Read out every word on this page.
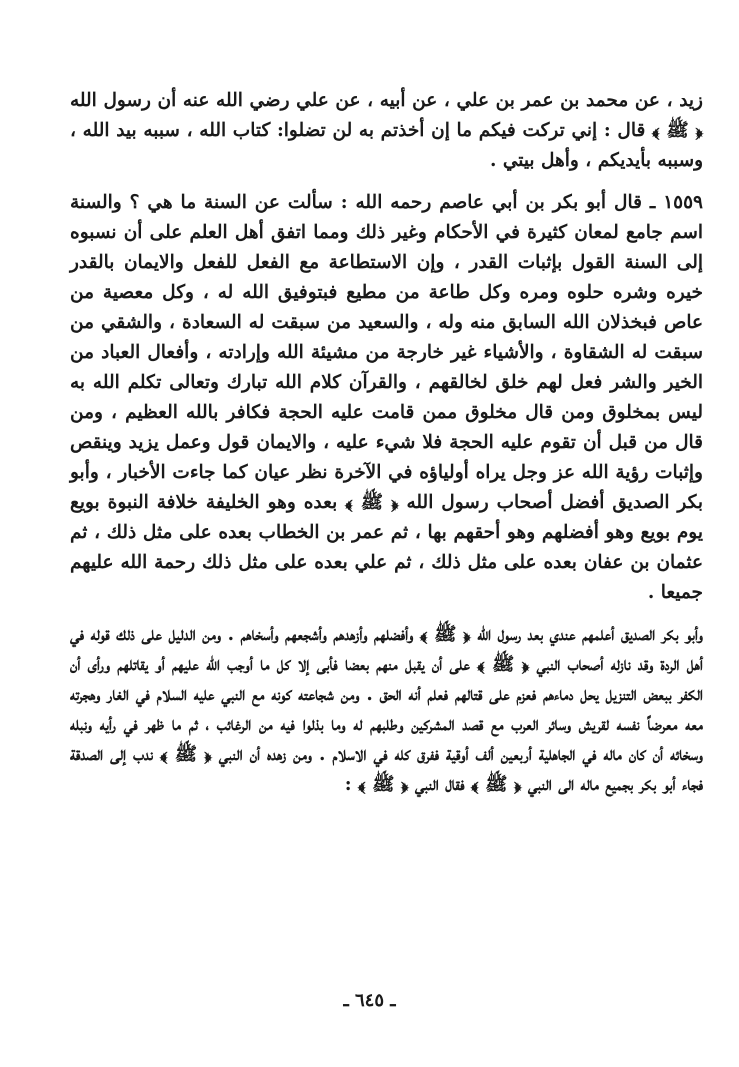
زيد ، عن محمد بن عمر بن علي ، عن أبيه ، عن علي رضي الله عنه أن رسول الله ﴿ ﷺ ﴾ قال : إني تركت فيكم ما إن أخذتم به لن تضلوا: كتاب الله ، سببه بيد الله ، وسببه بأيديكم ، وأهل بيتي .

١٥٥٩ ـ قال أبو بكر بن أبي عاصم رحمه الله : سألت عن السنة ما هي ؟ والسنة اسم جامع لمعان كثيرة في الأحكام وغير ذلك ومما اتفق أهل العلم على أن نسبوه إلى السنة القول بإثبات القدر ، وإن الاستطاعة مع الفعل للفعل والايمان بالقدر خيره وشره حلوه ومره وكل طاعة من مطيع فبتوفيق الله له ، وكل معصية من عاص فبخذلان الله السابق منه وله ، والسعيد من سبقت له السعادة ، والشقي من سبقت له الشقاوة ، والأشياء غير خارجة من مشيئة الله وإرادته ، وأفعال العباد من الخير والشر فعل لهم خلق لخالقهم ، والقرآن كلام الله تبارك وتعالى تكلم الله به ليس بمخلوق ومن قال مخلوق ممن قامت عليه الحجة فكافر بالله العظيم ، ومن قال من قبل أن تقوم عليه الحجة فلا شيء عليه ، والايمان قول وعمل يزيد وينقص وإثبات رؤية الله عز وجل يراه أولياؤه في الآخرة نظر عيان كما جاءت الأخبار ، وأبو بكر الصديق أفضل أصحاب رسول الله ﴿ ﷺ ﴾ بعده وهو الخليفة خلافة النبوة بويع يوم بويع وهو أفضلهم وهو أحقهم بها ، ثم عمر بن الخطاب بعده على مثل ذلك ، ثم عثمان بن عفان بعده على مثل ذلك ، ثم علي بعده على مثل ذلك رحمة الله عليهم جميعا .

وأبو بكر الصديق أعلمهم عندي بعد رسول الله ﴿ ﷺ ﴾ وأفضلهم وأزهدهم وأشجعهم وأسخاهم . ومن الدليل على ذلك قوله في أهل الردة وقد نازله أصحاب النبي ﴿ ﷺ ﴾ على أن يقبل منهم بعضا فأبى إلا كل ما أوجب الله عليهم أو يقاتلهم ورأى أن الكفر ببعض التنزيل يحل دماءهم فعزم على قتالهم فعلم أنه الحق . ومن شجاعته كونه مع النبي عليه السلام في الغار وهجرته معه معرضاً نفسه لقريش وسائر العرب مع قصد المشركين وطلبهم له وما بذلوا فيه من الرغائب ، ثم ما ظهر في رأيه ونبله وسخائه أن كان ماله في الجاهلية أربعين ألف أوقية ففرق كله في الاسلام . ومن زهده أن النبي ﴿ ﷺ ﴾ ندب إلى الصدقة فجاء أبو بكر بجميع ماله الى النبي ﴿ ﷺ ﴾ فقال النبي ﴿ ﷺ ﴾ :

ـ ٦٤٥ ـ
